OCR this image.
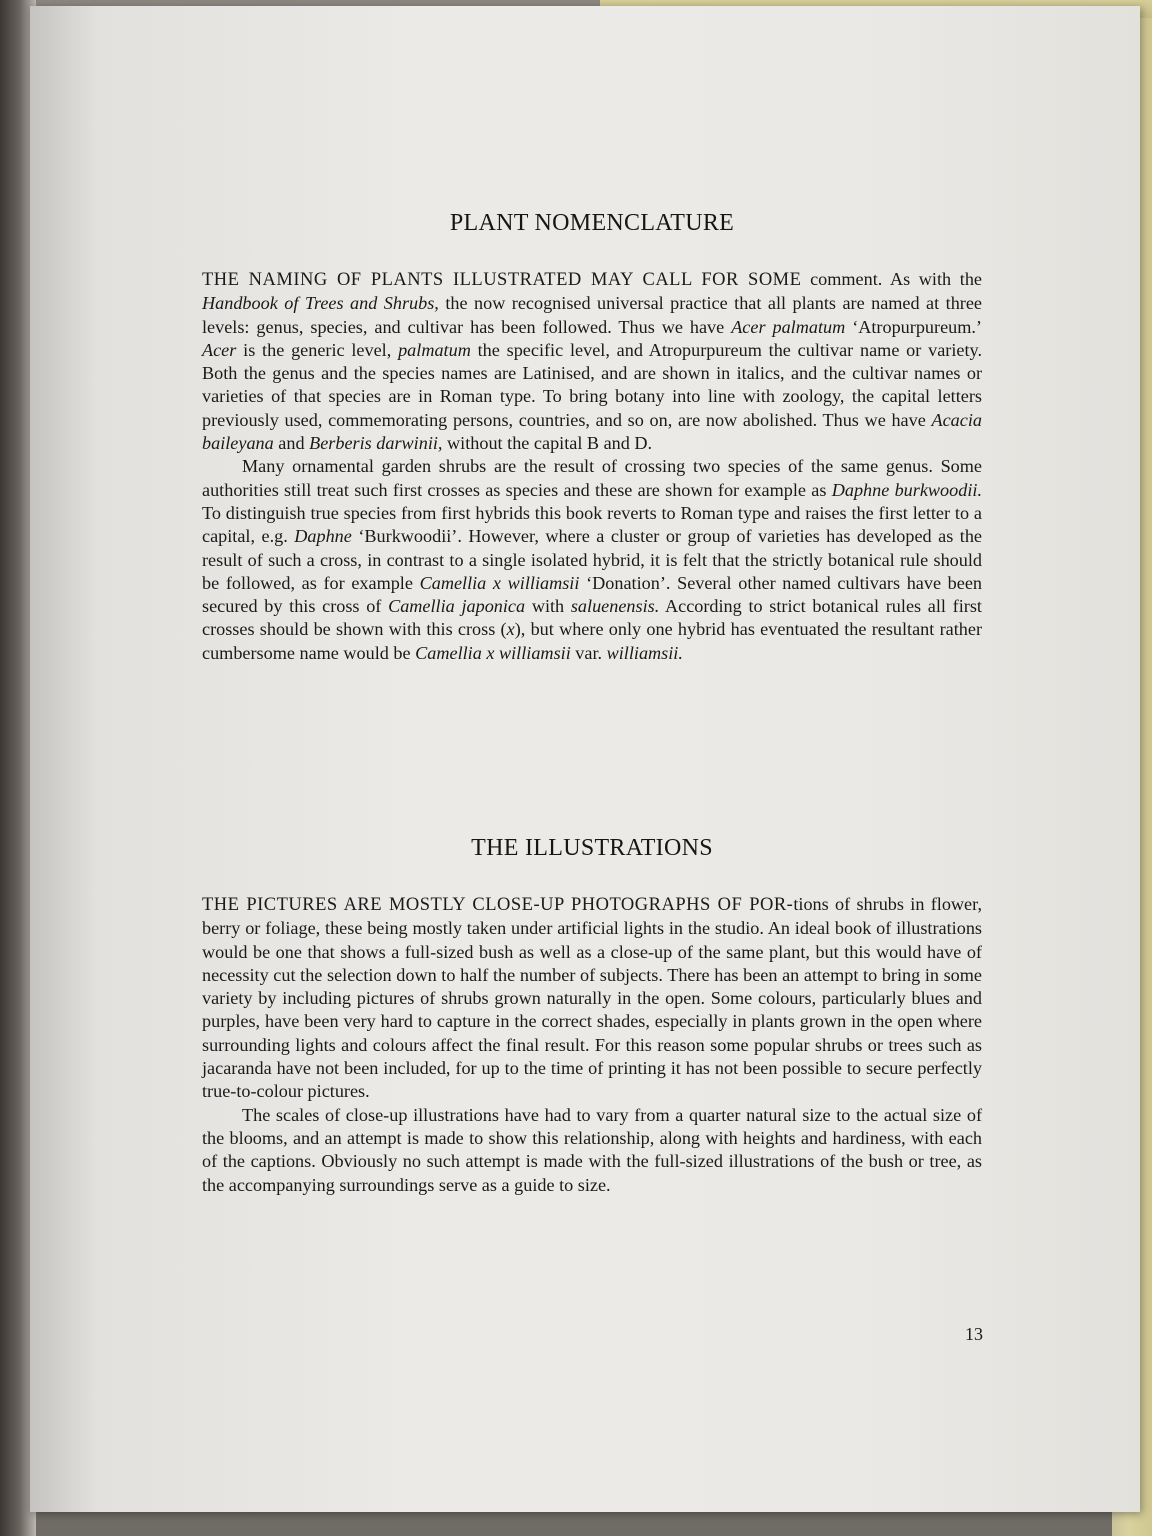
PLANT NOMENCLATURE

THE NAMING OF PLANTS ILLUSTRATED MAY CALL FOR SOME comment. As with the Handbook of Trees and Shrubs, the now recognised universal practice that all plants are named at three levels: genus, species, and cultivar has been followed. Thus we have Acer palmatum ‘Atropurpureum.’ Acer is the generic level, palmatum the specific level, and Atropurpureum the cultivar name or variety. Both the genus and the species names are Latinised, and are shown in italics, and the cultivar names or varieties of that species are in Roman type. To bring botany into line with zoology, the capital letters previously used, commemorating persons, countries, and so on, are now abolished. Thus we have Acacia baileyana and Berberis darwinii, without the capital B and D.

Many ornamental garden shrubs are the result of crossing two species of the same genus. Some authorities still treat such first crosses as species and these are shown for example as Daphne burkwoodii. To distinguish true species from first hybrids this book reverts to Roman type and raises the first letter to a capital, e.g. Daphne ‘Burkwoodii’. However, where a cluster or group of varieties has developed as the result of such a cross, in contrast to a single isolated hybrid, it is felt that the strictly botanical rule should be followed, as for example Camellia x williamsii ‘Donation’. Several other named cultivars have been secured by this cross of Camellia japonica with saluenensis. According to strict botanical rules all first crosses should be shown with this cross (x), but where only one hybrid has eventuated the resultant rather cumbersome name would be Camellia x williamsii var. williamsii.

THE ILLUSTRATIONS

THE PICTURES ARE MOSTLY CLOSE-UP PHOTOGRAPHS OF POR-tions of shrubs in flower, berry or foliage, these being mostly taken under artificial lights in the studio. An ideal book of illustrations would be one that shows a full-sized bush as well as a close-up of the same plant, but this would have of necessity cut the selection down to half the number of subjects. There has been an attempt to bring in some variety by including pictures of shrubs grown naturally in the open. Some colours, particularly blues and purples, have been very hard to capture in the correct shades, especially in plants grown in the open where surrounding lights and colours affect the final result. For this reason some popular shrubs or trees such as jacaranda have not been included, for up to the time of printing it has not been possible to secure perfectly true-to-colour pictures.

The scales of close-up illustrations have had to vary from a quarter natural size to the actual size of the blooms, and an attempt is made to show this relationship, along with heights and hardiness, with each of the captions. Obviously no such attempt is made with the full-sized illustrations of the bush or tree, as the accompanying surroundings serve as a guide to size.

13
